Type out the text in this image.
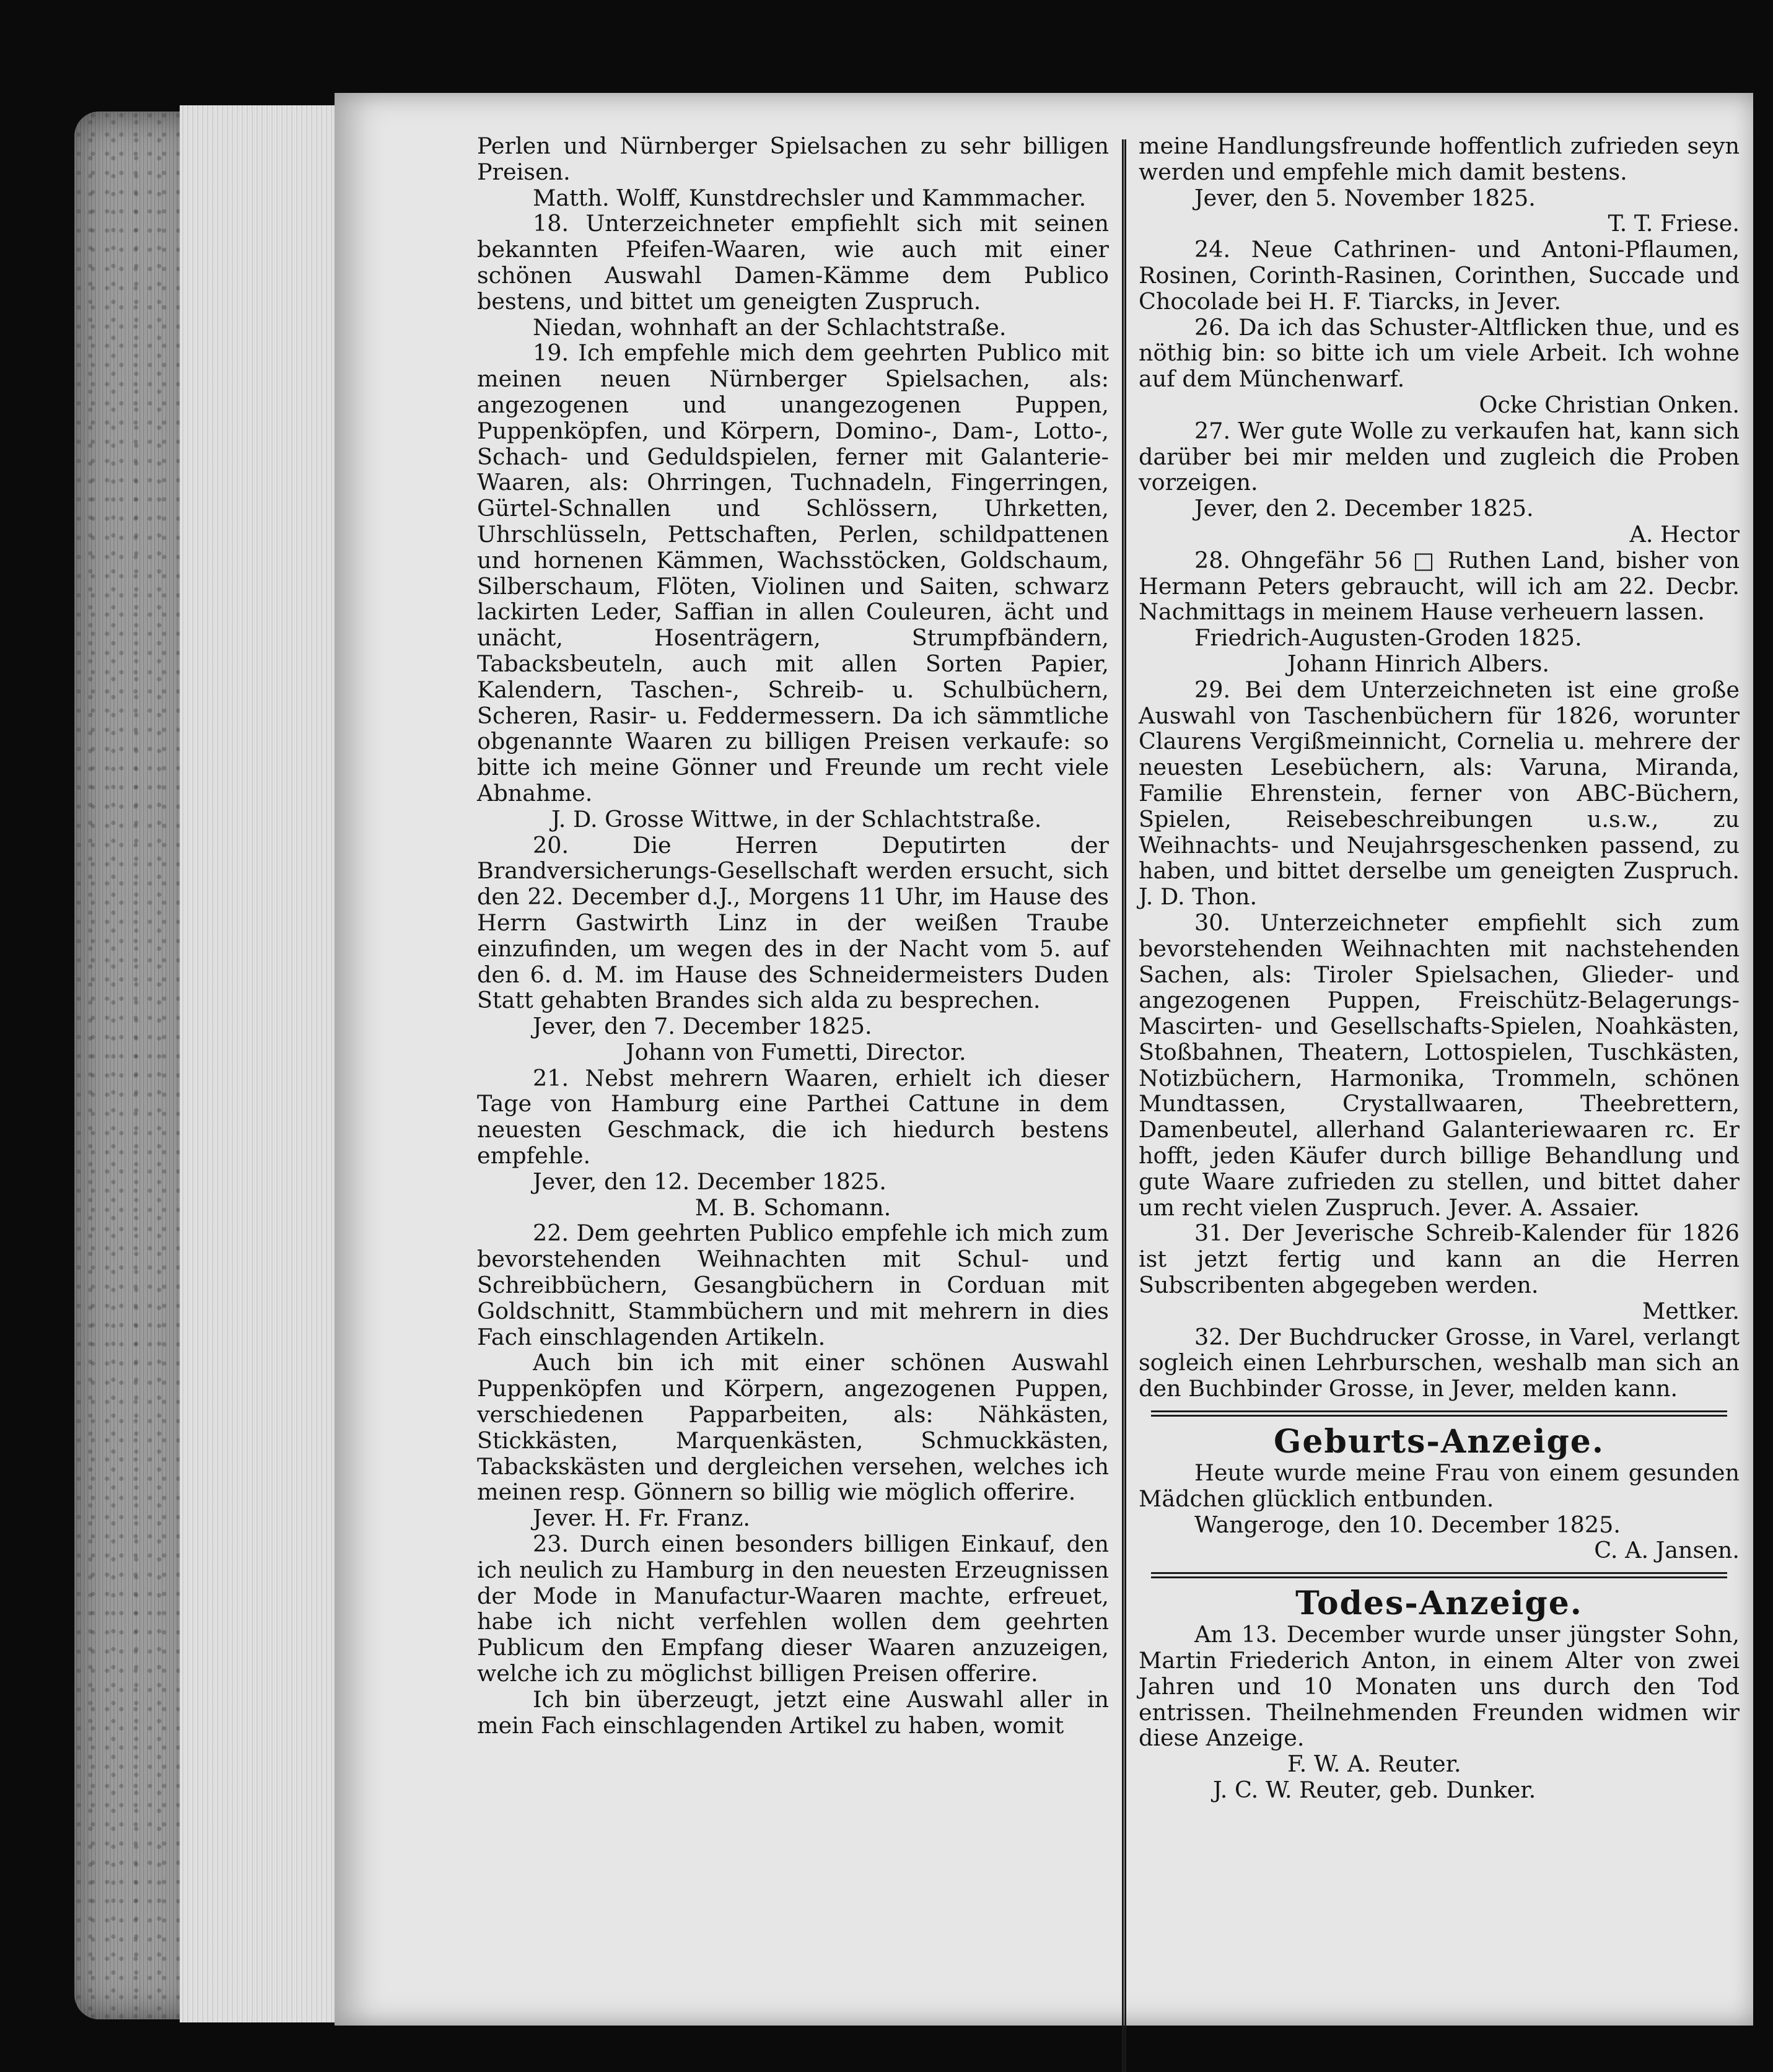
Perlen und Nürnberger Spielsachen zu sehr billigen Preisen.

Matth. Wolff, Kunstdrechsler und Kammmacher.

18. Unterzeichneter empfiehlt sich mit seinen bekannten Pfeifen-Waaren, wie auch mit einer schönen Auswahl Damen-Kämme dem Publico bestens, und bittet um geneigten Zuspruch.

Niedan, wohnhaft an der Schlachtstraße.

19. Ich empfehle mich dem geehrten Publico mit meinen neuen Nürnberger Spielsachen, als: angezogenen und unangezogenen Puppen, Puppenköpfen, und Körpern, Domino-, Dam-, Lotto-, Schach- und Geduldspielen, ferner mit Galanterie-Waaren, als: Ohrringen, Tuchnadeln, Fingerringen, Gürtel-Schnallen und Schlössern, Uhrketten, Uhrschlüsseln, Pettschaften, Perlen, schildpattenen und hornenen Kämmen, Wachsstöcken, Goldschaum, Silberschaum, Flöten, Violinen und Saiten, schwarz lackirten Leder, Saffian in allen Couleuren, ächt und unächt, Hosenträgern, Strumpfbändern, Tabacksbeuteln, auch mit allen Sorten Papier, Kalendern, Taschen-, Schreib- u. Schulbüchern, Scheren, Rasir- u. Feddermessern. Da ich sämmtliche obgenannte Waaren zu billigen Preisen verkaufe: so bitte ich meine Gönner und Freunde um recht viele Abnahme.

J. D. Grosse Wittwe, in der Schlachtstraße.

20. Die Herren Deputirten der Brandversicherungs-Gesellschaft werden ersucht, sich den 22. December d.J., Morgens 11 Uhr, im Hause des Herrn Gastwirth Linz in der weißen Traube einzufinden, um wegen des in der Nacht vom 5. auf den 6. d. M. im Hause des Schneidermeisters Duden Statt gehabten Brandes sich alda zu besprechen.

Jever, den 7. December 1825.

Johann von Fumetti, Director.

21. Nebst mehrern Waaren, erhielt ich dieser Tage von Hamburg eine Parthei Cattune in dem neuesten Geschmack, die ich hiedurch bestens empfehle.

Jever, den 12. December 1825.

M. B. Schomann.

22. Dem geehrten Publico empfehle ich mich zum bevorstehenden Weihnachten mit Schul- und Schreibbüchern, Gesangbüchern in Corduan mit Goldschnitt, Stammbüchern und mit mehrern in dies Fach einschlagenden Artikeln.

Auch bin ich mit einer schönen Auswahl Puppenköpfen und Körpern, angezogenen Puppen, verschiedenen Papparbeiten, als: Nähkästen, Stickkästen, Marquenkästen, Schmuckkästen, Tabackskästen und dergleichen versehen, welches ich meinen resp. Gönnern so billig wie möglich offerire.

Jever. H. Fr. Franz.

23. Durch einen besonders billigen Einkauf, den ich neulich zu Hamburg in den neuesten Erzeugnissen der Mode in Manufactur-Waaren machte, erfreuet, habe ich nicht verfehlen wollen dem geehrten Publicum den Empfang dieser Waaren anzuzeigen, welche ich zu möglichst billigen Preisen offerire.

Ich bin überzeugt, jetzt eine Auswahl aller in mein Fach einschlagenden Artikel zu haben, womit

meine Handlungsfreunde hoffentlich zufrieden seyn werden und empfehle mich damit bestens.

Jever, den 5. November 1825.

T. T. Friese.

24. Neue Cathrinen- und Antoni-Pflaumen, Rosinen, Corinth-Rasinen, Corinthen, Succade und Chocolade bei H. F. Tiarcks, in Jever.

26. Da ich das Schuster-Altflicken thue, und es nöthig bin: so bitte ich um viele Arbeit. Ich wohne auf dem Münchenwarf.

Ocke Christian Onken.

27. Wer gute Wolle zu verkaufen hat, kann sich darüber bei mir melden und zugleich die Proben vorzeigen.

Jever, den 2. December 1825.

A. Hector

28. Ohngefähr 56 □ Ruthen Land, bisher von Hermann Peters gebraucht, will ich am 22. Decbr. Nachmittags in meinem Hause verheuern lassen.

Friedrich-Augusten-Groden 1825.

Johann Hinrich Albers.

29. Bei dem Unterzeichneten ist eine große Auswahl von Taschenbüchern für 1826, worunter Claurens Vergißmeinnicht, Cornelia u. mehrere der neuesten Lesebüchern, als: Varuna, Miranda, Familie Ehrenstein, ferner von ABC-Büchern, Spielen, Reisebeschreibungen u.s.w., zu Weihnachts- und Neujahrsgeschenken passend, zu haben, und bittet derselbe um geneigten Zuspruch. J. D. Thon.

30. Unterzeichneter empfiehlt sich zum bevorstehenden Weihnachten mit nachstehenden Sachen, als: Tiroler Spielsachen, Glieder- und angezogenen Puppen, Freischütz-Belagerungs-Mascirten- und Gesellschafts-Spielen, Noahkästen, Stoßbahnen, Theatern, Lottospielen, Tuschkästen, Notizbüchern, Harmonika, Trommeln, schönen Mundtassen, Crystallwaaren, Theebrettern, Damenbeutel, allerhand Galanteriewaaren rc. Er hofft, jeden Käufer durch billige Behandlung und gute Waare zufrieden zu stellen, und bittet daher um recht vielen Zuspruch. Jever. A. Assaier.

31. Der Jeverische Schreib-Kalender für 1826 ist jetzt fertig und kann an die Herren Subscribenten abgegeben werden.

Mettker.

32. Der Buchdrucker Grosse, in Varel, verlangt sogleich einen Lehrburschen, weshalb man sich an den Buchbinder Grosse, in Jever, melden kann.

Geburts-Anzeige.

Heute wurde meine Frau von einem gesunden Mädchen glücklich entbunden.

Wangeroge, den 10. December 1825.

C. A. Jansen.

Todes-Anzeige.

Am 13. December wurde unser jüngster Sohn, Martin Friederich Anton, in einem Alter von zwei Jahren und 10 Monaten uns durch den Tod entrissen. Theilnehmenden Freunden widmen wir diese Anzeige.

F. W. A. Reuter.

J. C. W. Reuter, geb. Dunker.
